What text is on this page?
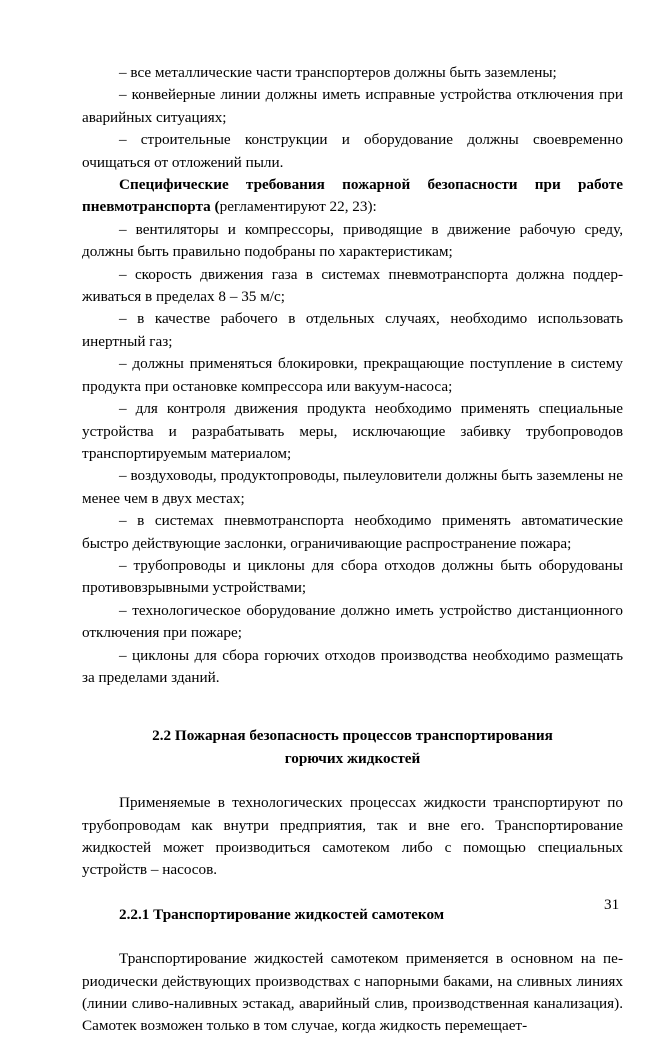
– все металлические части транспортеров должны быть заземлены;

– конвейерные линии должны иметь исправные устройства отключения при аварийных ситуациях;

– строительные конструкции и оборудование должны своевременно очищаться от отложений пыли.

Специфические требования пожарной безопасности при работе пневмотранспорта (регламентируют 22, 23):

– вентиляторы и компрессоры, приводящие в движение рабочую среду, должны быть правильно подобраны по характеристикам;

– скорость движения газа в системах пневмотранспорта должна поддерживаться в пределах 8 – 35 м/с;

– в качестве рабочего в отдельных случаях, необходимо использовать инертный газ;

– должны применяться блокировки, прекращающие поступление в систему продукта при остановке компрессора или вакуум-насоса;

– для контроля движения продукта необходимо применять специальные устройства и разрабатывать меры, исключающие забивку трубопроводов транспортируемым материалом;

– воздуховоды, продуктопроводы, пылеуловители должны быть заземлены не менее чем в двух местах;

– в системах пневмотранспорта необходимо применять автоматические быстро действующие заслонки, ограничивающие распространение пожара;

– трубопроводы и циклоны для сбора отходов должны быть оборудованы противовзрывными устройствами;

– технологическое оборудование должно иметь устройство дистанционного отключения при пожаре;

– циклоны для сбора горючих отходов производства необходимо размещать за пределами зданий.

2.2 Пожарная безопасность процессов транспортирования
горючих жидкостей

Применяемые в технологических процессах жидкости транспортируют по трубопроводам как внутри предприятия, так и вне его. Транспортирование жидкостей может производиться самотеком либо с помощью специальных устройств – насосов.

2.2.1 Транспортирование жидкостей самотеком

Транспортирование жидкостей самотеком применяется в основном на периодически действующих производствах с напорными баками, на сливных линиях (линии сливо-наливных эстакад, аварийный слив, производственная канализация). Самотек возможен только в том случае, когда жидкость перемещает-

31
